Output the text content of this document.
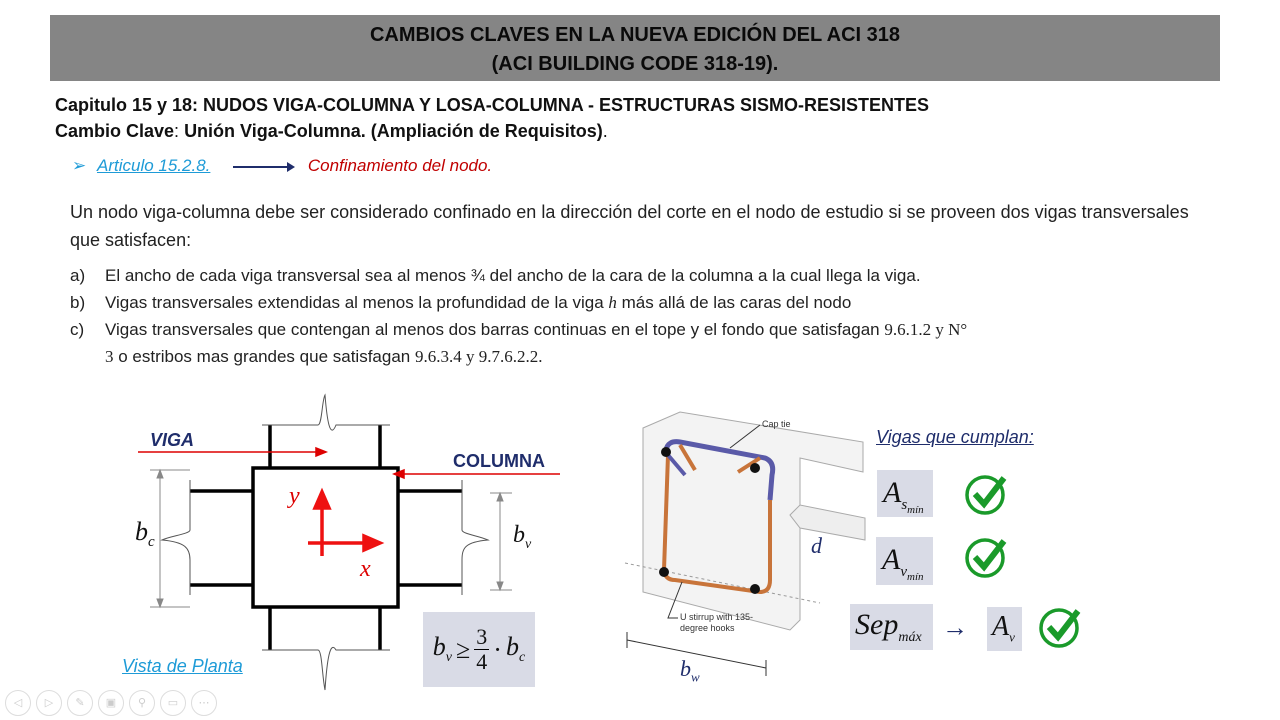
CAMBIOS CLAVES EN LA NUEVA EDICIÓN DEL ACI 318
(ACI BUILDING CODE 318-19).
Capitulo 15 y 18: NUDOS VIGA-COLUMNA Y LOSA-COLUMNA - ESTRUCTURAS SISMO-RESISTENTES
Cambio Clave: Unión Viga-Columna. (Ampliación de Requisitos).
➢ Articulo 15.2.8.	Confinamiento del nodo.
Un nodo viga-columna debe ser considerado confinado en la dirección del corte en el nodo de estudio si se proveen dos vigas transversales que satisfacen:
a) El ancho de cada viga transversal sea al menos ¾ del ancho de la cara de la columna a la cual llega la viga.
b) Vigas transversales extendidas al menos la profundidad de la viga h más allá de las caras del nodo
c) Vigas transversales que contengan al menos dos barras continuas en el tope y el fondo que satisfagan 9.6.1.2 y N°
3 o estribos mas grandes que satisfagan 9.6.3.4 y 9.7.6.2.2.
VIGA
COLUMNA
$b_c$	$b_v$
y
x
Vista de Planta
$b_v \ge \frac{3}{4} \cdot b_c$
Cap tie
U stirrup with 135-
degree hooks
d
$b_w$
Vigas que cumplan:
$A_{s_{mín}}$
$A_{v_{mín}}$
$Sep_{máx} \to A_v$
◁	▷	✎	▣	⚲	▭	⋯
